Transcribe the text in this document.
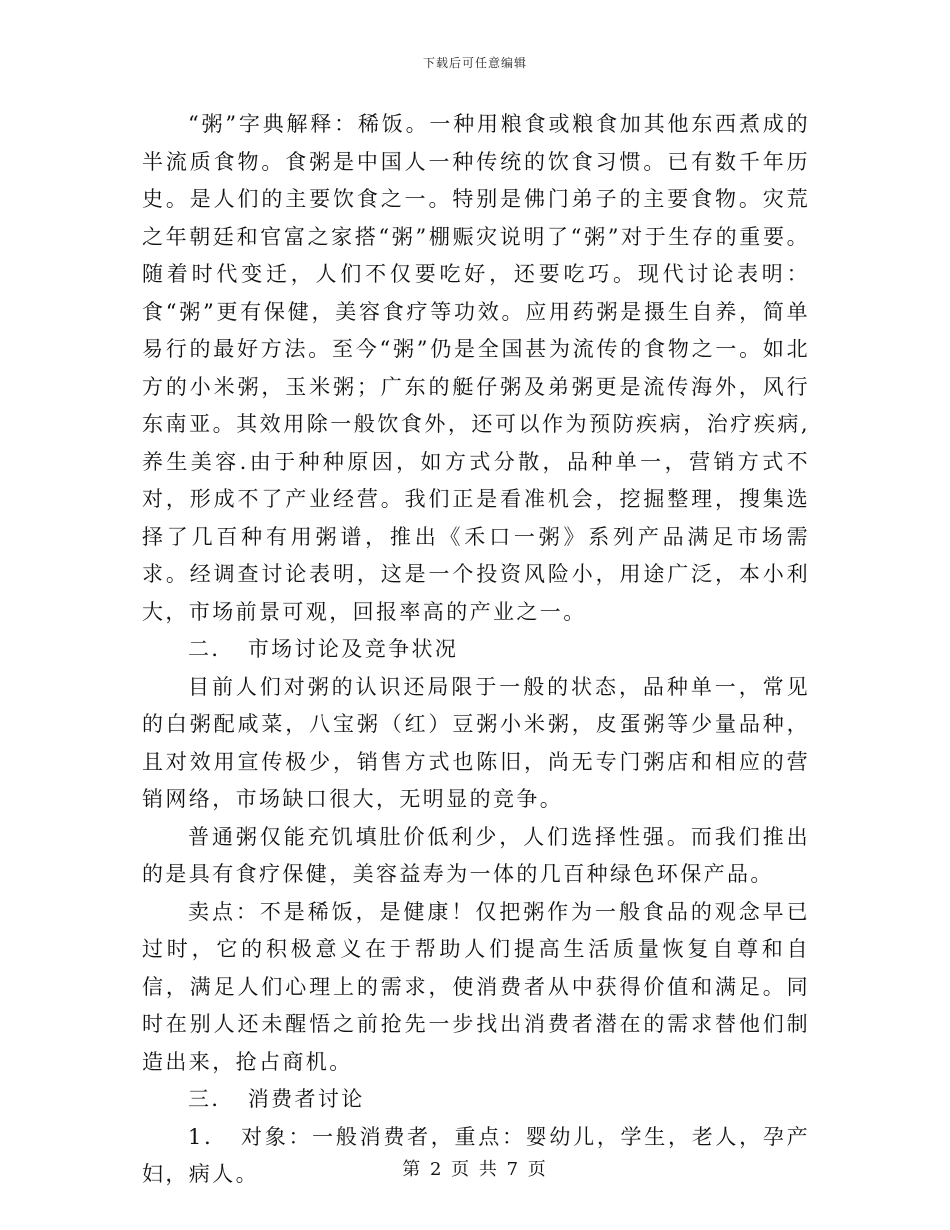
下载后可任意编辑

“粥”字典解释：稀饭。一种用粮食或粮食加其他东西煮成的半流质食物。食粥是中国人一种传统的饮食习惯。已有数千年历史。是人们的主要饮食之一。特别是佛门弟子的主要食物。灾荒之年朝廷和官富之家搭“粥”棚赈灾说明了“粥”对于生存的重要。随着时代变迁，人们不仅要吃好，还要吃巧。现代讨论表明：食“粥”更有保健，美容食疗等功效。应用药粥是摄生自养，简单易行的最好方法。至今“粥”仍是全国甚为流传的食物之一。如北方的小米粥，玉米粥；广东的艇仔粥及弟粥更是流传海外，风行东南亚。其效用除一般饮食外，还可以作为预防疾病，治疗疾病,养生美容.由于种种原因，如方式分散，品种单一，营销方式不对，形成不了产业经营。我们正是看准机会，挖掘整理，搜集选择了几百种有用粥谱，推出《禾口一粥》系列产品满足市场需求。经调查讨论表明，这是一个投资风险小，用途广泛，本小利大，市场前景可观，回报率高的产业之一。

二．　市场讨论及竞争状况

目前人们对粥的认识还局限于一般的状态，品种单一，常见的白粥配咸菜，八宝粥（红）豆粥小米粥，皮蛋粥等少量品种，且对效用宣传极少，销售方式也陈旧，尚无专门粥店和相应的营销网络，市场缺口很大，无明显的竞争。

普通粥仅能充饥填肚价低利少，人们选择性强。而我们推出的是具有食疗保健，美容益寿为一体的几百种绿色环保产品。

卖点：不是稀饭，是健康！仅把粥作为一般食品的观念早已过时，它的积极意义在于帮助人们提高生活质量恢复自尊和自信，满足人们心理上的需求，使消费者从中获得价值和满足。同时在别人还未醒悟之前抢先一步找出消费者潜在的需求替他们制造出来，抢占商机。

三．　消费者讨论

1．　对象：一般消费者，重点：婴幼儿，学生，老人，孕产妇，病人。	第 2 页 共 7 页
